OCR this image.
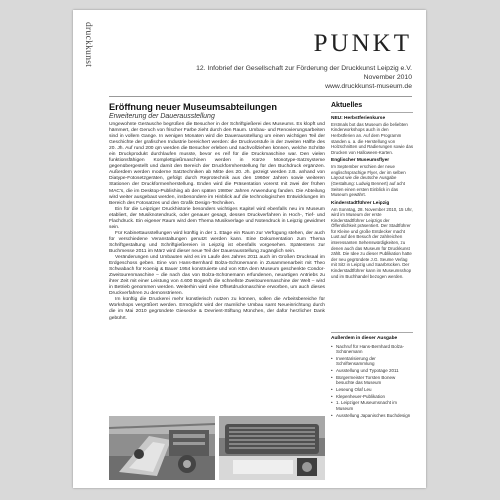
druckkunst	PUNKT
12. Infobrief der Gesellschaft zur Förderung der Druckkunst Leipzig e.V.
November 2010
www.druckkunst-museum.de
Eröffnung neuer Museumsabteilungen
Erweiterung der Dauerausstellung

Ungewohnte Geräusche begrüßen die Besucher in der Schriftgießerei des Museums. Es klopft und hämmert, der Geruch von frischer Farbe zieht durch den Raum. Umbau- und Renovierungsarbeiten sind in vollem Gange. In wenigen Monaten wird die Dauerausstellung um einen wichtigen Teil der Geschichte der grafischen Industrie bereichert werden: die Druckvorstufe in der zweiten Hälfte des 20. Jh. Auf rund 200 qm werden die Besucher erleben und nachvollziehen können, welche Schritte ein Druckprodukt durchlaufen musste, bevor es reif für die Druckmaschine war. Den vielen funktionsfähigen Komplettgießmaschinen werden in Kürze Monotype-Satzsysteme gegenübergestellt und damit den Bereich der Druckformherstellung für den Buchdruck ergänzen. Außerdem werden moderne Satztechniken ab Mitte des 20. Jh. gezeigt werden z.B. anhand von Diatype-Fotosetzgeräten, gefolgt durch Reprotechnik aus den 1960er Jahren sowie weiteren Stationen der Druckformenherstellung. Enden wird die Präsentation vorerst mit zwei der frühen MAC's, die im Desktop-Publishing ab den späten 1980er Jahren Anwendung fanden. Die Abteilung wird weiter ausgebaut werden, insbesondere im Hinblick auf die technologischen Entwicklungen im Bereich des Fotosatzes und den Grafik Design-Techniken.

Ein für die Leipziger Druckhistorie besonders wichtiges Kapitel wird ebenfalls neu im Museum etabliert, der Musiknotendruck, oder genauer gesagt, dessen Druckverfahren in Hoch-, Tief- und Flachdruck. Ein eigener Raum wird dem Thema Musikverlage und Notendruck in Leipzig gewidmet sein.

Für Kabinettausstellungen wird künftig in der 1. Etage ein Raum zur Verfügung stehen, der auch für verschiedene Veranstaltungen genutzt werden kann. Eine Dokumentation zum Thema Schriftgestaltung und Schriftgießereien in Leipzig ist ebenfalls vorgesehen. Spätestens zur Buchmesse 2011 im März wird dieser neue Teil der Dauerausstellung zugänglich sein.

Veränderungen und Umbauten wird es im Laufe des Jahres 2011 auch im Großen Drucksaal im Erdgeschoss geben. Eine von Hans-Bernhard Bolza-Schünemann in Zusammenarbeit mit Theo Schwabach für Koenig & Bauer 1954 konstruierte und von KBA dem Museum geschenkte Condor-Zweitourenmaschine – die nach das von Bolza-Schünemann erfundenen, neuartigen Antriebs zu ihrer Zeit mit einer Leistung von 4.600 Bogen/h die schnellste Zweitourenmaschine der Welt – wird in Betrieb genommen werden. Weiterhin wird eine Offsetdruckmaschine erworben, um auch dieses Druckverfahren zu demonstrieren.

Im künftig die Druckerei mehr künstlerisch nutzen zu können, sollen die Arbeitsbereiche für Workshops vergrößert werden. Ermöglicht wird der räumliche Umbau samt Neueinrichtung durch die im Mai 2010 gegründete Giesecke & Devrient-Stiftung München, der dafür herzlicher Dank gebührt.

Aktuelles
NEU: Herbstferienkurse
Erstmals bot das Museum die beliebten Kinderworkshops auch in den Herbstferien an. Auf dem Programm standen u. a. die Herstellung von Holzschnitten und Radierungen sowie das Drucken von Halloween-Karten.
Englischer Museumsflyer
Im September erschien der neue englischsprachige Flyer, der im selben Layout wie die deutsche Ausgabe (Gestaltung: Ludwig Bennert) auf acht Seiten einen ersten Einblick in das Museum gewährt.
Kinderstadtführer Leipzig
Am Sonntag, 28. November 2010, 15 Uhr, wird im Museum der erste Kinderstadtführer Leipzigs der Öffentlichkeit präsentiert. Der Stadtführer für Kleine und große Entdecker macht Lust auf den Besuch der zahlreichen interessanten Sehenswürdigkeiten, zu denen auch das Museum für Druckkunst zählt. Die Idee zu dieser Publikation hatte der neu gegründete J.G. Seume Verlag mit Sitz in Leipzig und Saarbrücken. Der Kinderstadtführer kann im Museumsshop und im Buchhandel bezogen werden.
Außerdem in dieser Ausgabe
• Nachruf für Hans-Bernhard Bolza-Schünemann
• Inventarisierung der Schriftensammlung
• Ausstellung und Typotage 2011
• Bürgermeister Torsten Bonew besuchte das Museum
• Leseung Olaf Leu
• Klepenheuer-Publikation
• 1. Leipziger Museumsnacht im Museum
• Ausstellung Japanisches Buchdesign
